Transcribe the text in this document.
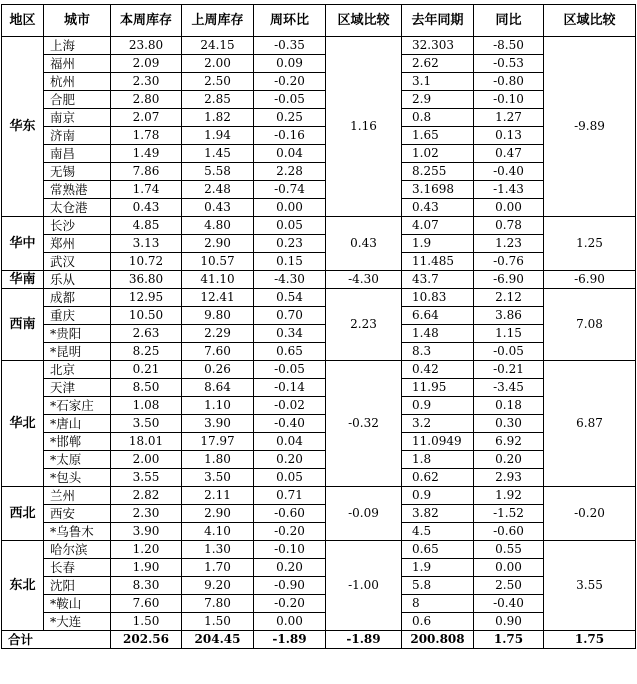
地区	城市	本周库存	上周库存	周环比	区域比较	去年同期	同比	区域比较
华东	上海	23.80	24.15	-0.35	1.16	32.303	-8.50	-9.89
	福州	2.09	2.00	0.09		2.62	-0.53	
	杭州	2.30	2.50	-0.20		3.1	-0.80	
	合肥	2.80	2.85	-0.05		2.9	-0.10	
	南京	2.07	1.82	0.25		0.8	1.27	
	济南	1.78	1.94	-0.16		1.65	0.13	
	南昌	1.49	1.45	0.04		1.02	0.47	
	无锡	7.86	5.58	2.28		8.255	-0.40	
	常熟港	1.74	2.48	-0.74		3.1698	-1.43	
	太仓港	0.43	0.43	0.00		0.43	0.00	
华中	长沙	4.85	4.80	0.05	0.43	4.07	0.78	1.25
	郑州	3.13	2.90	0.23		1.9	1.23	
	武汉	10.72	10.57	0.15		11.485	-0.76	
华南	乐从	36.80	41.10	-4.30	-4.30	43.7	-6.90	-6.90
西南	成都	12.95	12.41	0.54	2.23	10.83	2.12	7.08
	重庆	10.50	9.80	0.70		6.64	3.86	
	*贵阳	2.63	2.29	0.34		1.48	1.15	
	*昆明	8.25	7.60	0.65		8.3	-0.05	
华北	北京	0.21	0.26	-0.05	-0.32	0.42	-0.21	6.87
	天津	8.50	8.64	-0.14		11.95	-3.45	
	*石家庄	1.08	1.10	-0.02		0.9	0.18	
	*唐山	3.50	3.90	-0.40		3.2	0.30	
	*邯郸	18.01	17.97	0.04		11.0949	6.92	
	*太原	2.00	1.80	0.20		1.8	0.20	
	*包头	3.55	3.50	0.05		0.62	2.93	
西北	兰州	2.82	2.11	0.71	-0.09	0.9	1.92	-0.20
	西安	2.30	2.90	-0.60		3.82	-1.52	
	*乌鲁木	3.90	4.10	-0.20		4.5	-0.60	
东北	哈尔滨	1.20	1.30	-0.10	-1.00	0.65	0.55	3.55
	长春	1.90	1.70	0.20		1.9	0.00	
	沈阳	8.30	9.20	-0.90		5.8	2.50	
	*鞍山	7.60	7.80	-0.20		8	-0.40	
	*大连	1.50	1.50	0.00		0.6	0.90	
合计		202.56	204.45	-1.89	-1.89	200.808	1.75	1.75
